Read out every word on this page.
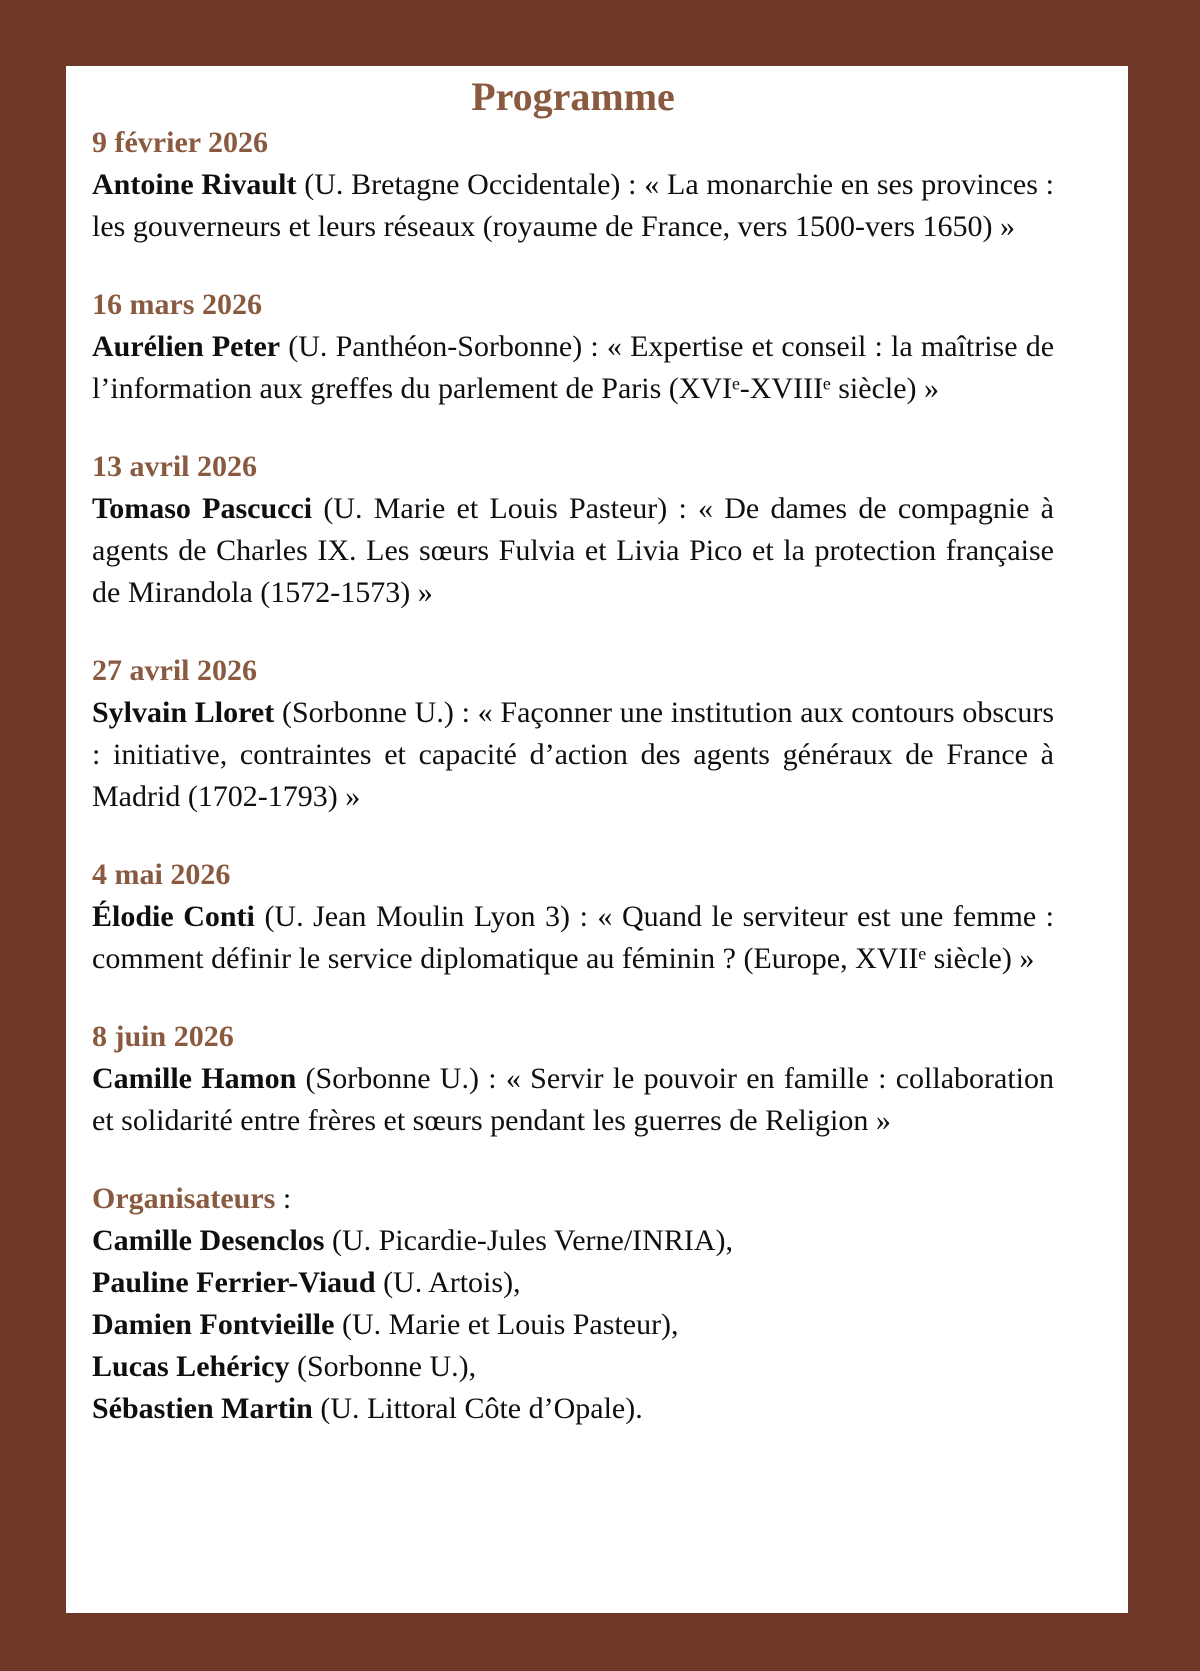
Programme
9 février 2026

Antoine Rivault (U. Bretagne Occidentale) : « La monarchie en ses provinces : les gouverneurs et leurs réseaux (royaume de France, vers 1500-vers 1650) »

16 mars 2026

Aurélien Peter (U. Panthéon-Sorbonne) : « Expertise et conseil : la maîtrise de l’information aux greffes du parlement de Paris (XVIᵉ-XVIIIᵉ siècle) »

13 avril 2026

Tomaso Pascucci (U. Marie et Louis Pasteur) : « De dames de compagnie à agents de Charles IX. Les sœurs Fulvia et Livia Pico et la protection française de Mirandola (1572-1573) »

27 avril 2026

Sylvain Lloret (Sorbonne U.) : « Façonner une institution aux contours obscurs : initiative, contraintes et capacité d’action des agents généraux de France à Madrid (1702-1793) »

4 mai 2026

Élodie Conti (U. Jean Moulin Lyon 3) : « Quand le serviteur est une femme : comment définir le service diplomatique au féminin ? (Europe, XVIIᵉ siècle) »

8 juin 2026

Camille Hamon (Sorbonne U.) : « Servir le pouvoir en famille : collaboration et solidarité entre frères et sœurs pendant les guerres de Religion »

Organisateurs :

Camille Desenclos (U. Picardie-Jules Verne/INRIA),

Pauline Ferrier-Viaud (U. Artois),

Damien Fontvieille (U. Marie et Louis Pasteur),

Lucas Lehéricy (Sorbonne U.),

Sébastien Martin (U. Littoral Côte d’Opale).
